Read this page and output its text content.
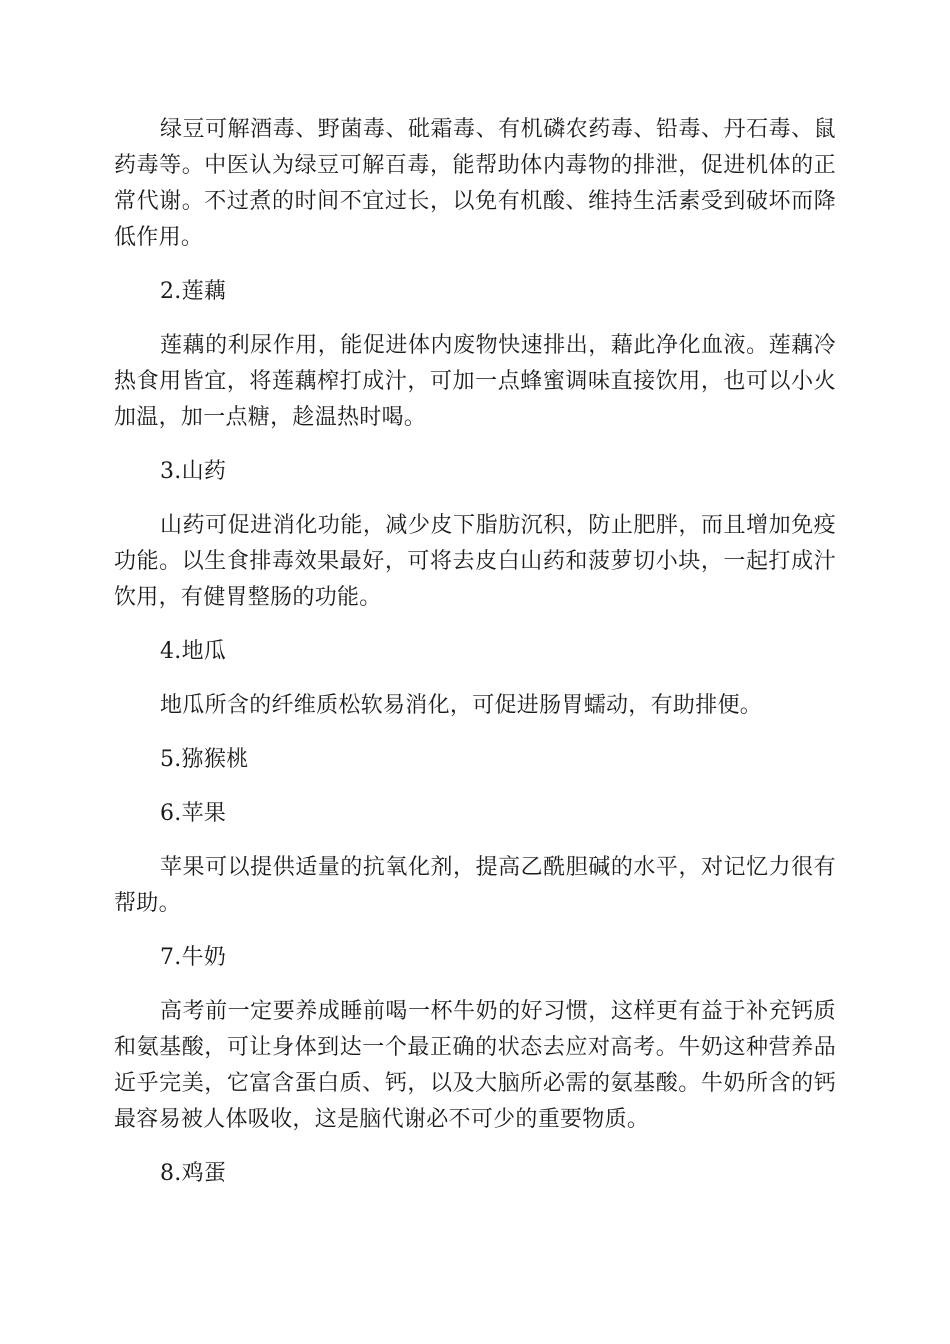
绿豆可解酒毒、野菌毒、砒霜毒、有机磷农药毒、铅毒、丹石毒、鼠药毒等。中医认为绿豆可解百毒，能帮助体内毒物的排泄，促进机体的正常代谢。不过煮的时间不宜过长，以免有机酸、维持生活素受到破坏而降低作用。

2.莲藕

莲藕的利尿作用，能促进体内废物快速排出，藉此净化血液。莲藕冷热食用皆宜，将莲藕榨打成汁，可加一点蜂蜜调味直接饮用，也可以小火加温，加一点糖，趁温热时喝。

3.山药

山药可促进消化功能，减少皮下脂肪沉积，防止肥胖，而且增加免疫功能。以生食排毒效果最好，可将去皮白山药和菠萝切小块，一起打成汁饮用，有健胃整肠的功能。

4.地瓜

地瓜所含的纤维质松软易消化，可促进肠胃蠕动，有助排便。

5.猕猴桃

6.苹果

苹果可以提供适量的抗氧化剂，提高乙酰胆碱的水平，对记忆力很有帮助。

7.牛奶

高考前一定要养成睡前喝一杯牛奶的好习惯，这样更有益于补充钙质和氨基酸，可让身体到达一个最正确的状态去应对高考。牛奶这种营养品近乎完美，它富含蛋白质、钙，以及大脑所必需的氨基酸。牛奶所含的钙最容易被人体吸收，这是脑代谢必不可少的重要物质。

8.鸡蛋
